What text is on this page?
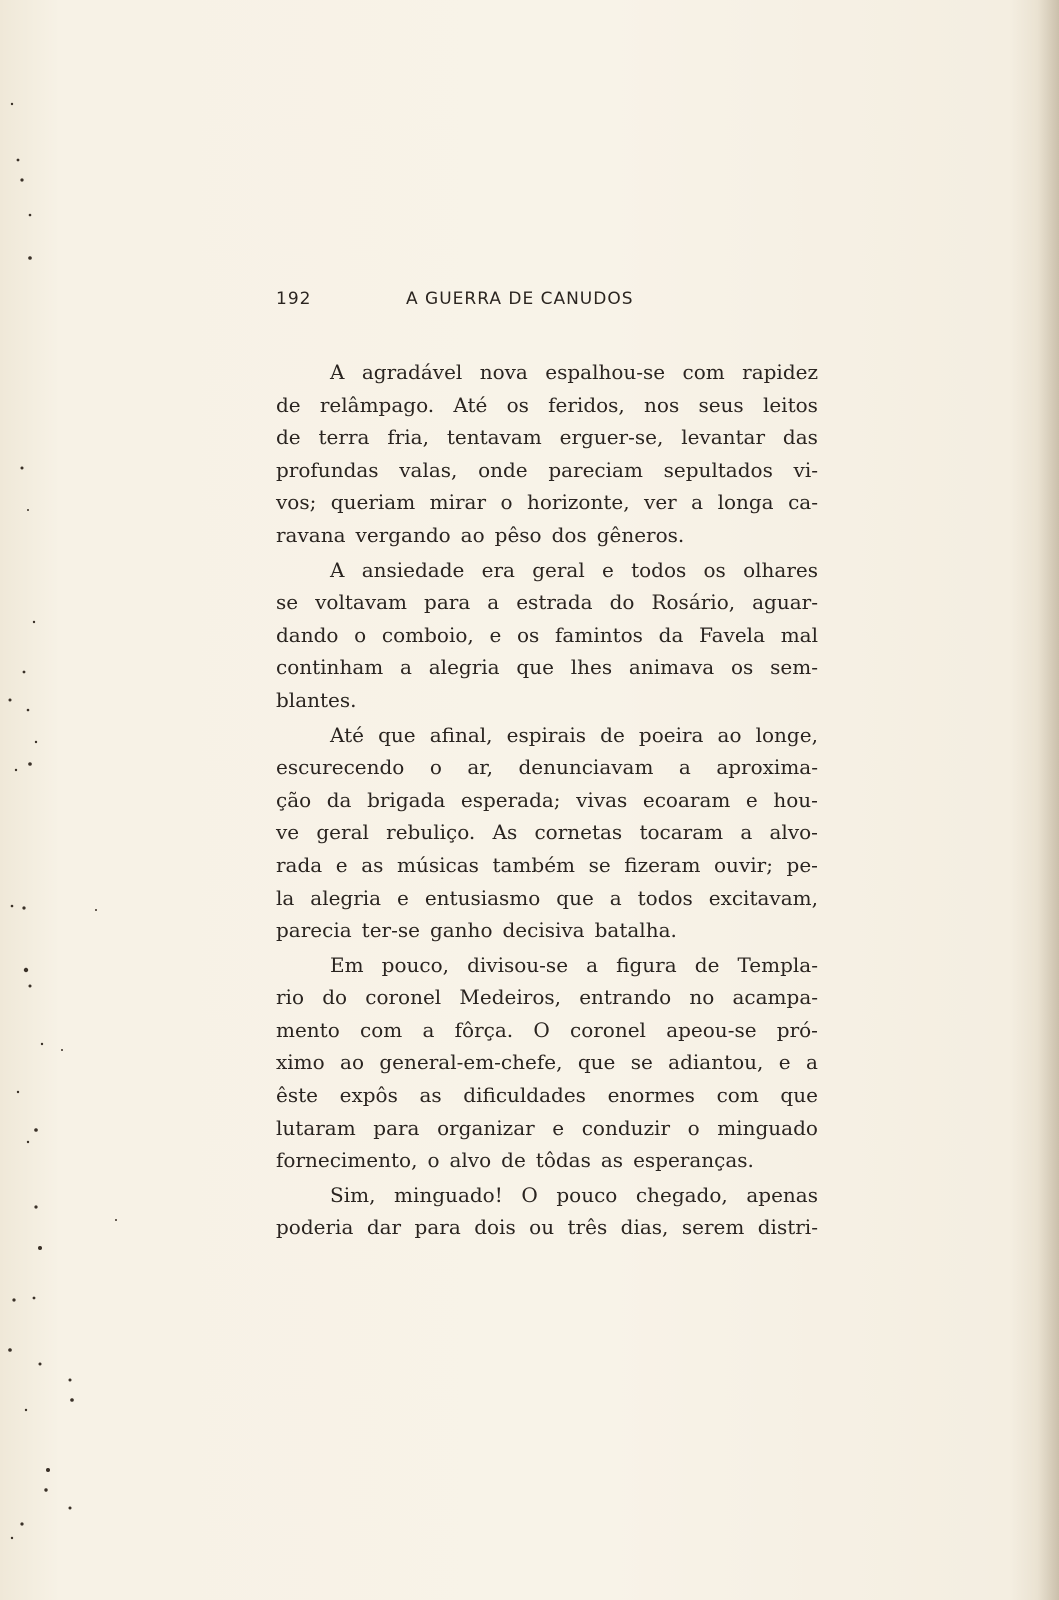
192	A GUERRA DE CANUDOS
A agradável nova espalhou-se com rapidez
de relâmpago. Até os feridos, nos seus leitos
de terra fria, tentavam erguer-se, levantar das
profundas valas, onde pareciam sepultados vi-
vos; queriam mirar o horizonte, ver a longa ca-
ravana vergando ao pêso dos gêneros.
A ansiedade era geral e todos os olhares
se voltavam para a estrada do Rosário, aguar-
dando o comboio, e os famintos da Favela mal
continham a alegria que lhes animava os sem-
blantes.
Até que afinal, espirais de poeira ao longe,
escurecendo o ar, denunciavam a aproxima-
ção da brigada esperada; vivas ecoaram e hou-
ve geral rebuliço. As cornetas tocaram a alvo-
rada e as músicas também se fizeram ouvir; pe-
la alegria e entusiasmo que a todos excitavam,
parecia ter-se ganho decisiva batalha.
Em pouco, divisou-se a figura de Templa-
rio do coronel Medeiros, entrando no acampa-
mento com a fôrça. O coronel apeou-se pró-
ximo ao general-em-chefe, que se adiantou, e a
êste expôs as dificuldades enormes com que
lutaram para organizar e conduzir o minguado
fornecimento, o alvo de tôdas as esperanças.
Sim, minguado! O pouco chegado, apenas
poderia dar para dois ou três dias, serem distri-
